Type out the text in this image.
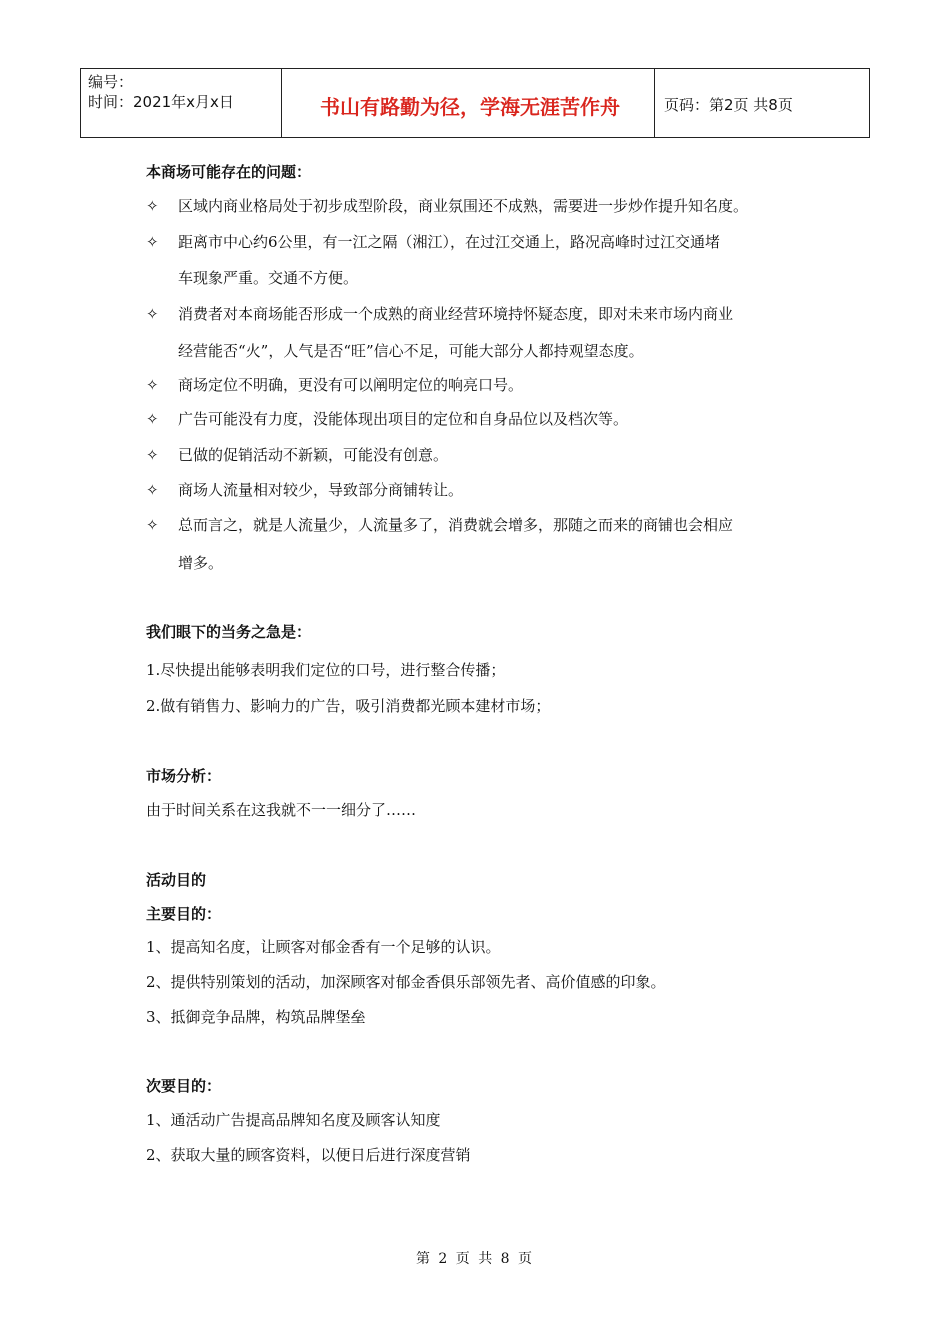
编号：
时间：2021年x月x日	书山有路勤为径，学海无涯苦作舟	页码：第2页 共8页
本商场可能存在的问题：
✧ 区域内商业格局处于初步成型阶段，商业氛围还不成熟，需要进一步炒作提升知名度。
✧ 距离市中心约6公里，有一江之隔（湘江），在过江交通上，路况高峰时过江交通堵
车现象严重。交通不方便。
✧ 消费者对本商场能否形成一个成熟的商业经营环境持怀疑态度，即对未来市场内商业
经营能否“火”，人气是否“旺”信心不足，可能大部分人都持观望态度。
✧ 商场定位不明确，更没有可以阐明定位的响亮口号。
✧ 广告可能没有力度，没能体现出项目的定位和自身品位以及档次等。
✧ 已做的促销活动不新颖，可能没有创意。
✧ 商场人流量相对较少，导致部分商铺转让。
✧ 总而言之，就是人流量少，人流量多了，消费就会增多，那随之而来的商铺也会相应
增多。
我们眼下的当务之急是：
1.尽快提出能够表明我们定位的口号，进行整合传播；
2.做有销售力、影响力的广告，吸引消费都光顾本建材市场；
市场分析：
由于时间关系在这我就不一一细分了……
活动目的
主要目的：
1、提高知名度，让顾客对郁金香有一个足够的认识。
2、提供特别策划的活动，加深顾客对郁金香俱乐部领先者、高价值感的印象。
3、抵御竞争品牌，构筑品牌堡垒
次要目的：
1、通活动广告提高品牌知名度及顾客认知度
2、获取大量的顾客资料，以便日后进行深度营销
第 2 页 共 8 页
